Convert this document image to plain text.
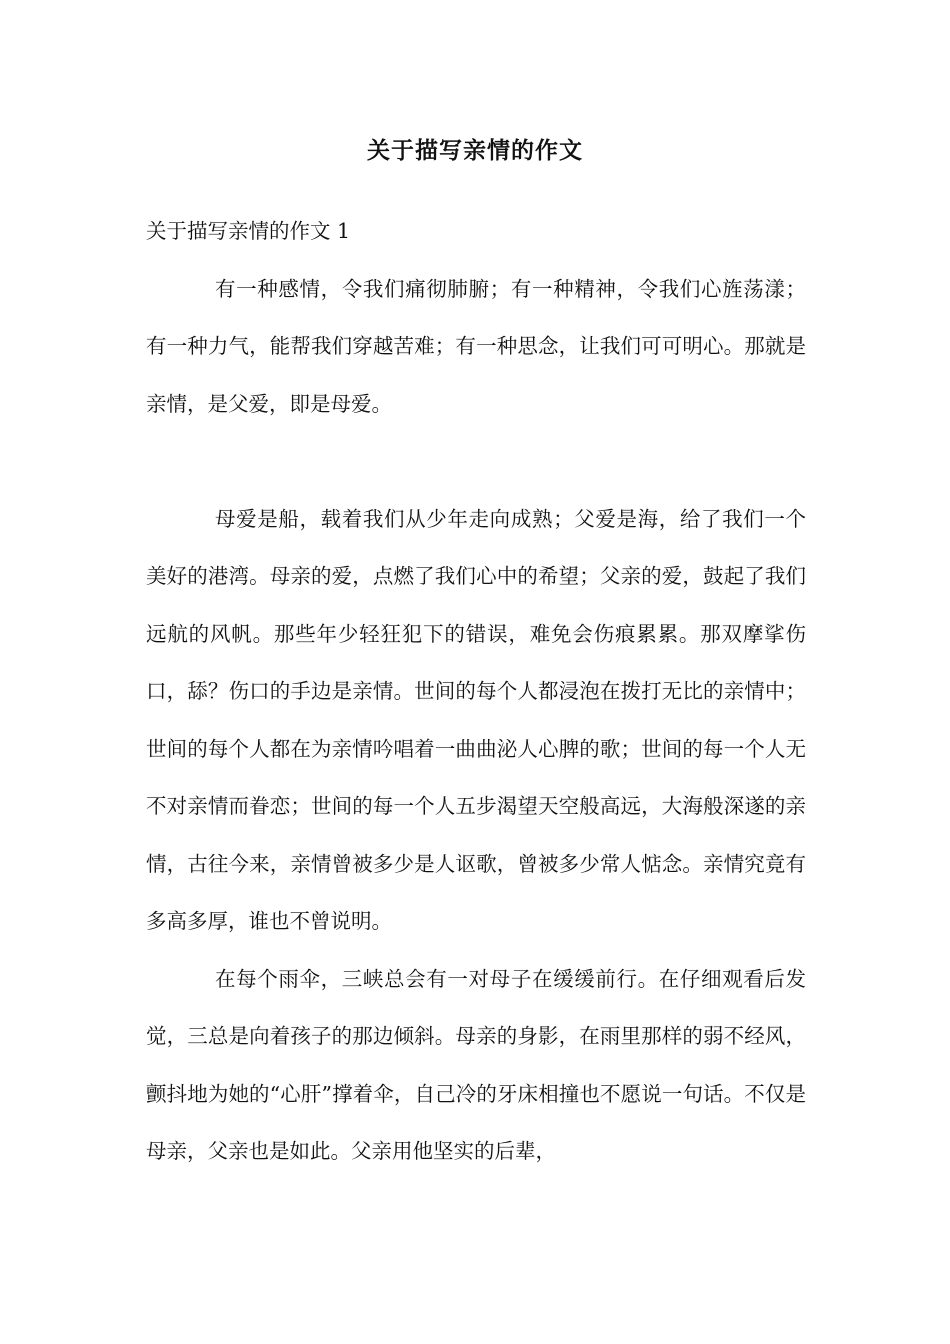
关于描写亲情的作文

关于描写亲情的作文 1

有一种感情，令我们痛彻肺腑；有一种精神，令我们心旌荡漾；有一种力气，能帮我们穿越苦难；有一种思念，让我们可可明心。那就是亲情，是父爱，即是母爱。

母爱是船，载着我们从少年走向成熟；父爱是海，给了我们一个美好的港湾。母亲的爱，点燃了我们心中的希望；父亲的爱，鼓起了我们远航的风帆。那些年少轻狂犯下的错误，难免会伤痕累累。那双摩挲伤口，舔？伤口的手边是亲情。世间的每个人都浸泡在拨打无比的亲情中；世间的每个人都在为亲情吟唱着一曲曲泌人心脾的歌；世间的每一个人无不对亲情而眷恋；世间的每一个人五步渴望天空般高远，大海般深遂的亲情，古往今来，亲情曾被多少是人讴歌，曾被多少常人惦念。亲情究竟有多高多厚，谁也不曾说明。

在每个雨伞，三峡总会有一对母子在缓缓前行。在仔细观看后发觉，三总是向着孩子的那边倾斜。母亲的身影，在雨里那样的弱不经风，颤抖地为她的“心肝”撑着伞，自己冷的牙床相撞也不愿说一句话。不仅是母亲，父亲也是如此。父亲用他坚实的后辈，
